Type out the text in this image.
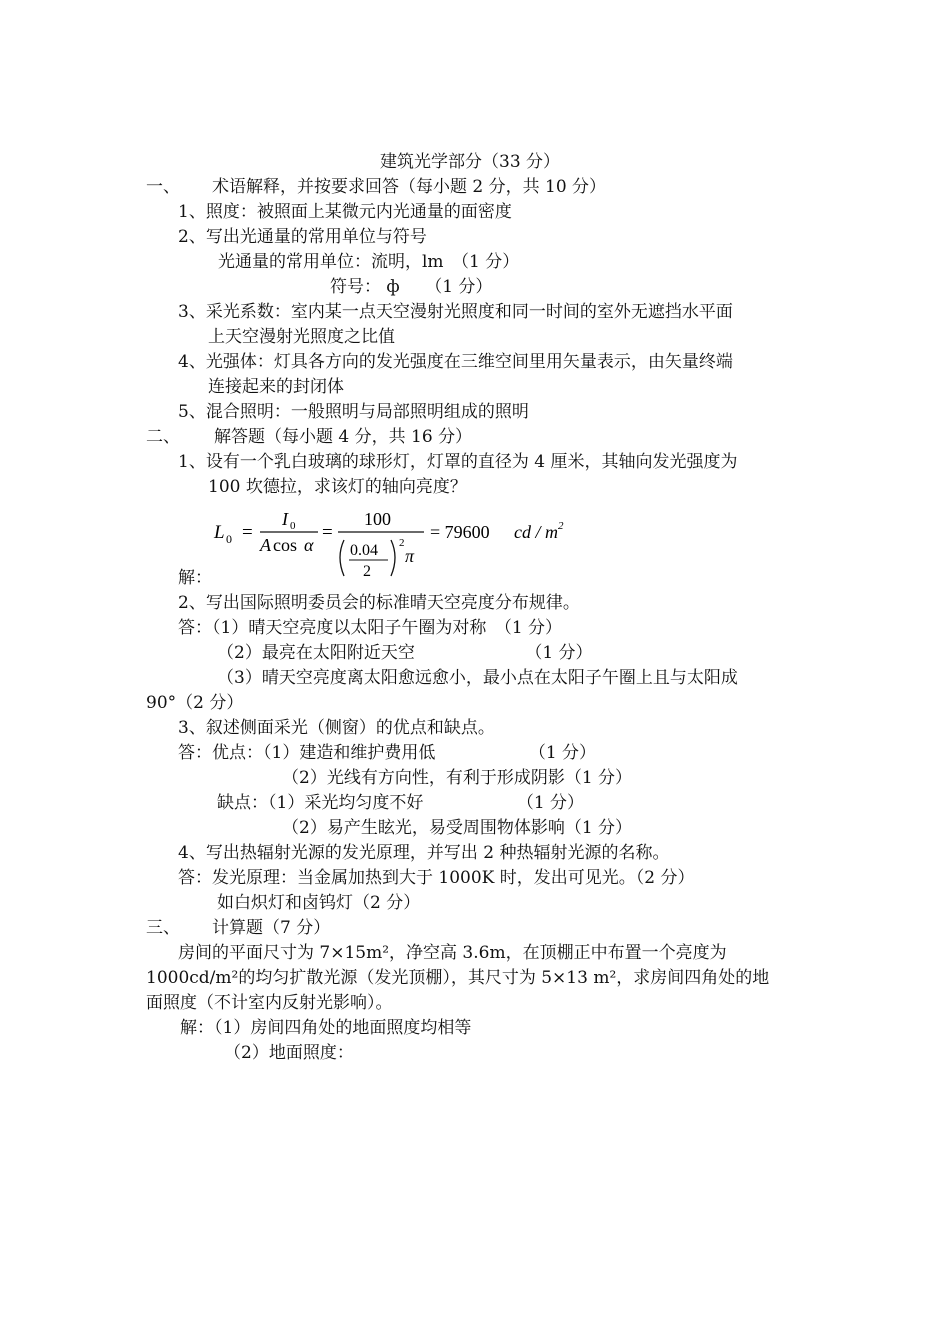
建筑光学部分（33 分）
一、 术语解释，并按要求回答（每小题 2 分，共 10 分）
1、照度：被照面上某微元内光通量的面密度
2、写出光通量的常用单位与符号
光通量的常用单位：流明，lm　（1 分）
符号： ф　　（1 分）
3、采光系数：室内某一点天空漫射光照度和同一时间的室外无遮挡水平面
上天空漫射光照度之比值
4、光强体：灯具各方向的发光强度在三维空间里用矢量表示，由矢量终端
连接起来的封闭体
5、混合照明：一般照明与局部照明组成的照明
二、 解答题（每小题 4 分，共 16 分）
1、设有一个乳白玻璃的球形灯，灯罩的直径为 4 厘米，其轴向发光强度为
100 坎德拉，求该灯的轴向亮度？
L 0 =
I 0
A cos α
=
100
0.04
2
2
π
= 79600 cd / m 2
解：
2、写出国际照明委员会的标准晴天空亮度分布规律。
答：（1）晴天空亮度以太阳子午圈为对称　（1 分）
（2）最亮在太阳附近天空　　　　　　　（1 分）
（3）晴天空亮度离太阳愈远愈小，最小点在太阳子午圈上且与太阳成
90°（2 分）
3、叙述侧面采光（侧窗）的优点和缺点。
答：优点：（1）建造和维护费用低　　　　　　（1 分）
（2）光线有方向性，有利于形成阴影（1 分）
缺点：（1）采光均匀度不好　　　　　　（1 分）
（2）易产生眩光，易受周围物体影响（1 分）
4、写出热辐射光源的发光原理，并写出 2 种热辐射光源的名称。
答：发光原理：当金属加热到大于 1000K 时，发出可见光。（2 分）
如白炽灯和卤钨灯（2 分）
三、 计算题（7 分）
房间的平面尺寸为 7×15m²，净空高 3.6m，在顶棚正中布置一个亮度为
1000cd/m²的均匀扩散光源（发光顶棚），其尺寸为 5×13 m²，求房间四角处的地
面照度（不计室内反射光影响）。
解：（1）房间四角处的地面照度均相等
（2）地面照度：
